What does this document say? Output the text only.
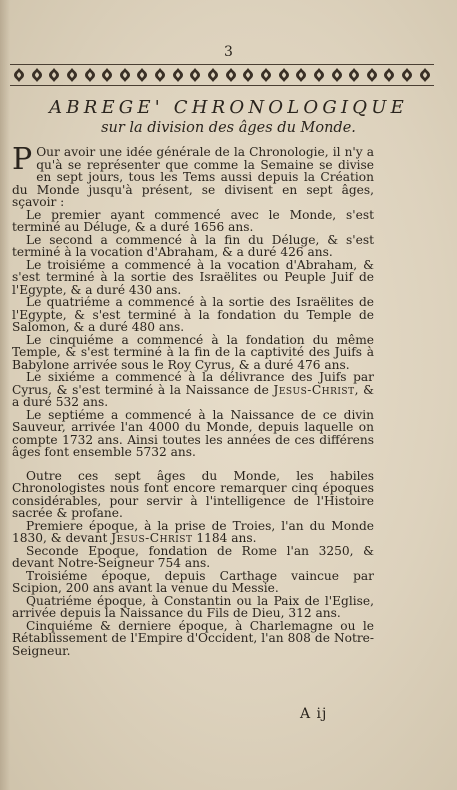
3
ABREGE' CHRONOLOGIQUE
sur la division des âges du Monde.

P Our avoir une idée générale de la Chronologie, il n'y a qu'à se représenter que comme la Semaine se divise en sept jours, tous les Tems aussi depuis la Création du Monde jusqu'à présent, se divisent en sept âges, sçavoir :

Le premier ayant commencé avec le Monde, s'est terminé au Déluge, & a duré 1656 ans.

Le second a commencé à la fin du Déluge, & s'est terminé à la vocation d'Abraham, & a duré 426 ans.

Le troisiéme a commencé à la vocation d'Abraham, & s'est terminé à la sortie des Israëlites ou Peuple Juif de l'Egypte, & a duré 430 ans.

Le quatriéme a commencé à la sortie des Israëlites de l'Egypte, & s'est terminé à la fondation du Temple de Salomon, & a duré 480 ans.

Le cinquiéme a commencé à la fondation du même Temple, & s'est terminé à la fin de la captivité des Juifs à Babylone arrivée sous le Roy Cyrus, & a duré 476 ans.

Le sixiéme a commencé à la délivrance des Juifs par Cyrus, & s'est terminé à la Naissance de Jesus-Christ, & a duré 532 ans.

Le septiéme a commencé à la Naissance de ce divin Sauveur, arrivée l'an 4000 du Monde, depuis laquelle on compte 1732 ans. Ainsi toutes les années de ces différens âges font ensemble 5732 ans.

Outre ces sept âges du Monde, les habiles Chronologistes nous font encore remarquer cinq époques considérables, pour servir à l'intelligence de l'Histoire sacrée & profane.

Premiere époque, à la prise de Troies, l'an du Monde 1830, & devant Jesus-Christ 1184 ans.

Seconde Epoque, fondation de Rome l'an 3250, & devant Notre-Seigneur 754 ans.

Troisiéme époque, depuis Carthage vaincue par Scipion, 200 ans avant la venue du Messie.

Quatriéme époque, à Constantin ou la Paix de l'Eglise, arrivée depuis la Naissance du Fils de Dieu, 312 ans.

Cinquiéme & derniere époque, à Charlemagne ou le Rétablissement de l'Empire d'Occident, l'an 808 de Notre-Seigneur.

A ij
